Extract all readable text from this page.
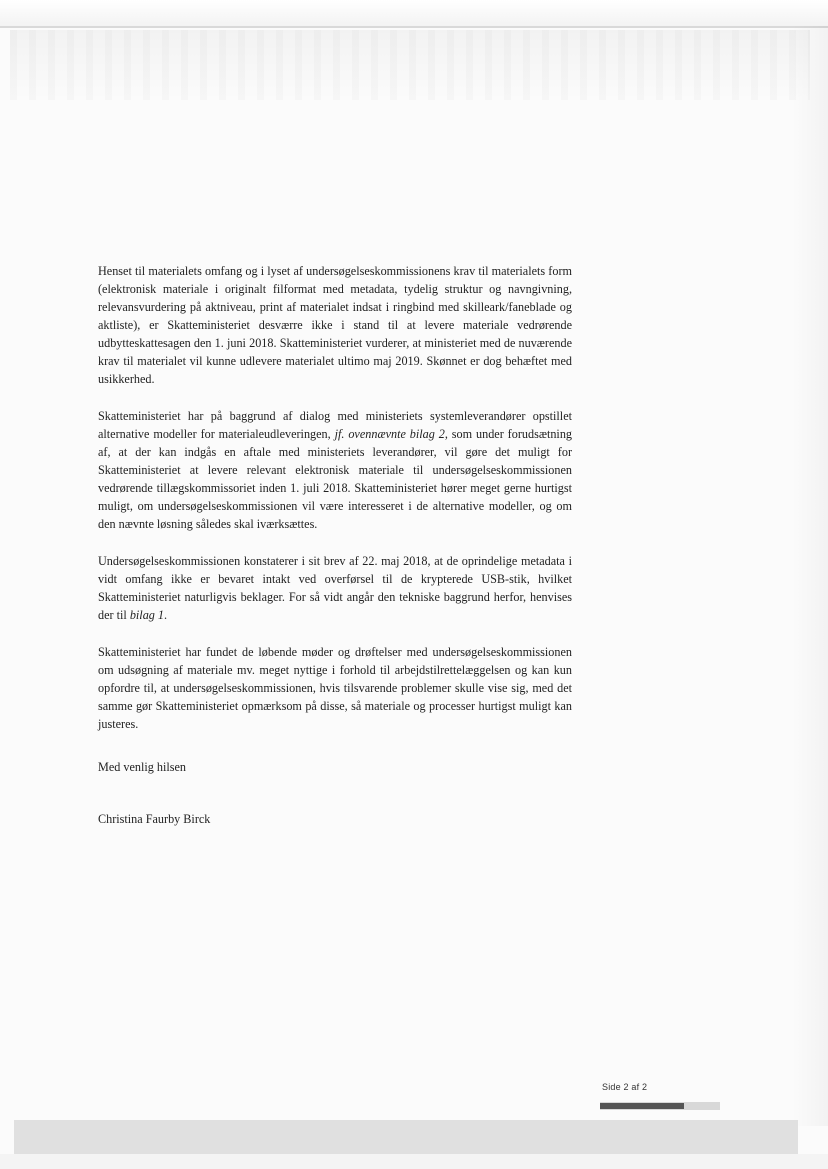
Henset til materialets omfang og i lyset af undersøgelseskommissionens krav til materialets form (elektronisk materiale i originalt filformat med metadata, tydelig struktur og navngivning, relevansvurdering på aktniveau, print af materialet indsat i ringbind med skilleark/faneblade og aktliste), er Skatteministeriet desværre ikke i stand til at levere materiale vedrørende udbytteskattesagen den 1. juni 2018. Skatteministeriet vurderer, at ministeriet med de nuværende krav til materialet vil kunne udlevere materialet ultimo maj 2019. Skønnet er dog behæftet med usikkerhed.

Skatteministeriet har på baggrund af dialog med ministeriets systemleverandører opstillet alternative modeller for materialeudleveringen, jf. ovennævnte bilag 2, som under forudsætning af, at der kan indgås en aftale med ministeriets leverandører, vil gøre det muligt for Skatteministeriet at levere relevant elektronisk materiale til undersøgelseskommissionen vedrørende tillægskommissoriet inden 1. juli 2018. Skatteministeriet hører meget gerne hurtigst muligt, om undersøgelseskommissionen vil være interesseret i de alternative modeller, og om den nævnte løsning således skal iværksættes.

Undersøgelseskommissionen konstaterer i sit brev af 22. maj 2018, at de oprindelige metadata i vidt omfang ikke er bevaret intakt ved overførsel til de krypterede USB-stik, hvilket Skatteministeriet naturligvis beklager. For så vidt angår den tekniske baggrund herfor, henvises der til bilag 1.

Skatteministeriet har fundet de løbende møder og drøftelser med undersøgelseskommissionen om udsøgning af materiale mv. meget nyttige i forhold til arbejdstilrettelæggelsen og kan kun opfordre til, at undersøgelseskommissionen, hvis tilsvarende problemer skulle vise sig, med det samme gør Skatteministeriet opmærksom på disse, så materiale og processer hurtigst muligt kan justeres.

Med venlig hilsen

Christina Faurby Birck

Side 2 af 2
